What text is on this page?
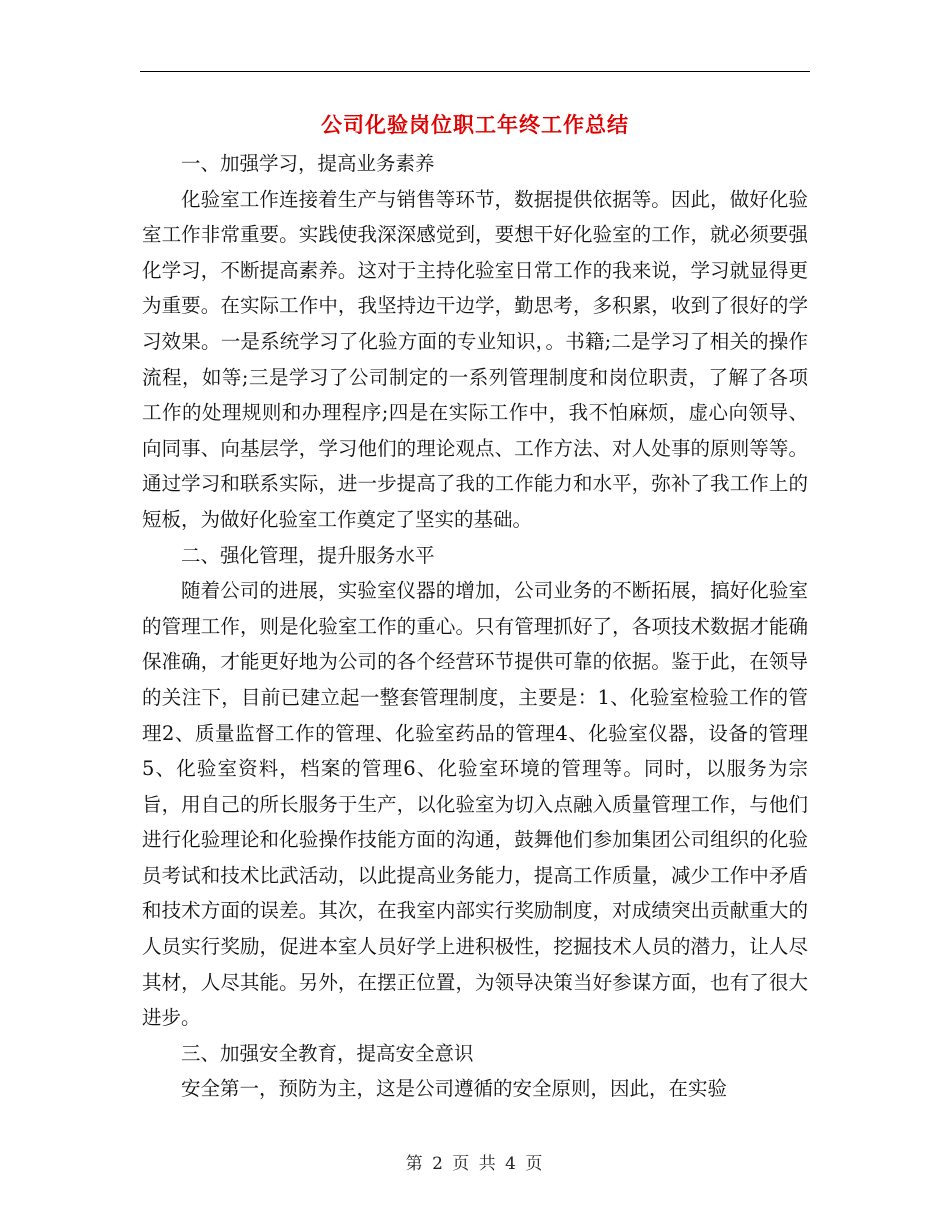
公司化验岗位职工年终工作总结

一、加强学习，提高业务素养

化验室工作连接着生产与销售等环节，数据提供依据等。因此，做好化验室工作非常重要。实践使我深深感觉到，要想干好化验室的工作，就必须要强化学习，不断提高素养。这对于主持化验室日常工作的我来说，学习就显得更为重要。在实际工作中，我坚持边干边学，勤思考，多积累，收到了很好的学习效果。一是系统学习了化验方面的专业知识，。书籍;二是学习了相关的操作流程，如等;三是学习了公司制定的一系列管理制度和岗位职责，了解了各项工作的处理规则和办理程序;四是在实际工作中，我不怕麻烦，虚心向领导、向同事、向基层学，学习他们的理论观点、工作方法、对人处事的原则等等。通过学习和联系实际，进一步提高了我的工作能力和水平，弥补了我工作上的短板，为做好化验室工作奠定了坚实的基础。

二、强化管理，提升服务水平

随着公司的进展，实验室仪器的增加，公司业务的不断拓展，搞好化验室的管理工作，则是化验室工作的重心。只有管理抓好了，各项技术数据才能确保准确，才能更好地为公司的各个经营环节提供可靠的依据。鉴于此，在领导的关注下，目前已建立起一整套管理制度，主要是：1、化验室检验工作的管理2、质量监督工作的管理、化验室药品的管理4、化验室仪器，设备的管理5、化验室资料，档案的管理6、化验室环境的管理等。同时，以服务为宗旨，用自己的所长服务于生产，以化验室为切入点融入质量管理工作，与他们进行化验理论和化验操作技能方面的沟通，鼓舞他们参加集团公司组织的化验员考试和技术比武活动，以此提高业务能力，提高工作质量，减少工作中矛盾和技术方面的误差。其次，在我室内部实行奖励制度，对成绩突出贡献重大的人员实行奖励，促进本室人员好学上进积极性，挖掘技术人员的潜力，让人尽其材，人尽其能。另外，在摆正位置，为领导决策当好参谋方面，也有了很大进步。

三、加强安全教育，提高安全意识

安全第一，预防为主，这是公司遵循的安全原则，因此，在实验

第 2 页 共 4 页
